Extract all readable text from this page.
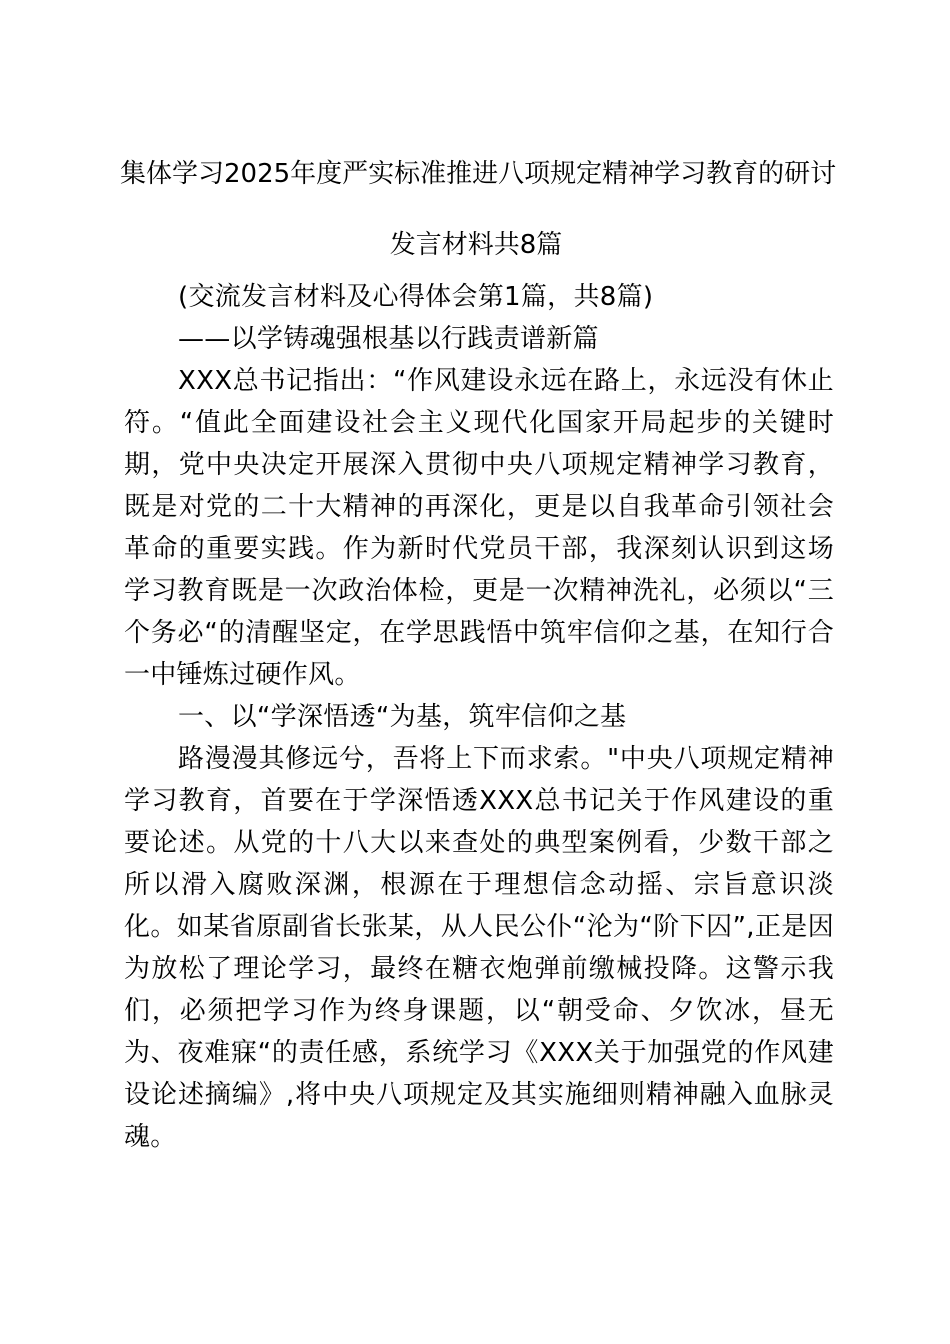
集体学习2025年度严实标准推进八项规定精神学习教育的研讨
发言材料共8篇

(交流发言材料及心得体会第1篇，共8篇)

——以学铸魂强根基以行践责谱新篇

XXX总书记指出：“作风建设永远在路上，永远没有休止符。“值此全面建设社会主义现代化国家开局起步的关键时期，党中央决定开展深入贯彻中央八项规定精神学习教育，既是对党的二十大精神的再深化，更是以自我革命引领社会革命的重要实践。作为新时代党员干部，我深刻认识到这场学习教育既是一次政治体检，更是一次精神洗礼，必须以“三个务必“的清醒坚定，在学思践悟中筑牢信仰之基，在知行合一中锤炼过硬作风。

一、以“学深悟透“为基，筑牢信仰之基

路漫漫其修远兮，吾将上下而求索。"中央八项规定精神学习教育，首要在于学深悟透XXX总书记关于作风建设的重要论述。从党的十八大以来查处的典型案例看，少数干部之所以滑入腐败深渊，根源在于理想信念动摇、宗旨意识淡化。如某省原副省长张某，从人民公仆“沦为“阶下囚”,正是因为放松了理论学习，最终在糖衣炮弹前缴械投降。这警示我们，必须把学习作为终身课题，以“朝受命、夕饮冰，昼无为、夜难寐“的责任感，系统学习《XXX关于加强党的作风建设论述摘编》,将中央八项规定及其实施细则精神融入血脉灵魂。
